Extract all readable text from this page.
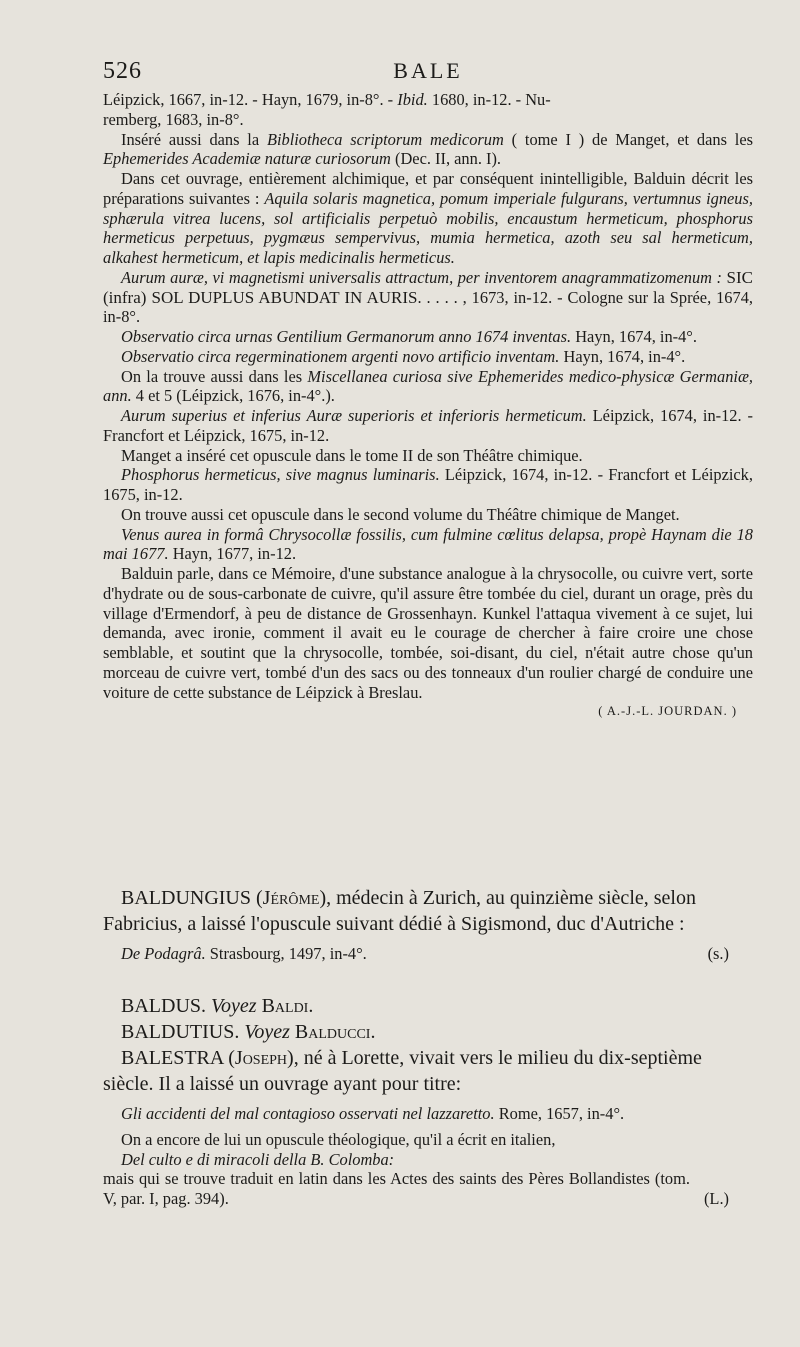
526	BALE

Léipzick, 1667, in-12. - Hayn, 1679, in-8°. - Ibid. 1680, in-12. - Nu-

remberg, 1683, in-8°.

Inséré aussi dans la Bibliotheca scriptorum medicorum ( tome I ) de Manget, et dans les Ephemerides Academiæ naturæ curiosorum (Dec. II, ann. I).

Dans cet ouvrage, entièrement alchimique, et par conséquent inintelligible, Balduin décrit les préparations suivantes : Aquila solaris magnetica, pomum imperiale fulgurans, vertumnus igneus, sphærula vitrea lucens, sol artificialis perpetuò mobilis, encaustum hermeticum, phosphorus hermeticus perpetuus, pygmæus sempervivus, mumia hermetica, azoth seu sal hermeticum, alkahest hermeticum, et lapis medicinalis hermeticus.

Aurum auræ, vi magnetismi universalis attractum, per inventorem anagrammatizomenum : SIC (infra) SOL DUPLUS ABUNDAT IN AURIS. . . . . , 1673, in-12. - Cologne sur la Sprée, 1674, in-8°.

Observatio circa urnas Gentilium Germanorum anno 1674 inventas. Hayn, 1674, in-4°.

Observatio circa regerminationem argenti novo artificio inventam. Hayn, 1674, in-4°.

On la trouve aussi dans les Miscellanea curiosa sive Ephemerides medico-physicæ Germaniæ, ann. 4 et 5 (Léipzick, 1676, in-4°.).

Aurum superius et inferius Auræ superioris et inferioris hermeticum. Léipzick, 1674, in-12. - Francfort et Léipzick, 1675, in-12.

Manget a inséré cet opuscule dans le tome II de son Théâtre chimique.

Phosphorus hermeticus, sive magnus luminaris. Léipzick, 1674, in-12. - Francfort et Léipzick, 1675, in-12.

On trouve aussi cet opuscule dans le second volume du Théâtre chimique de Manget.

Venus aurea in formâ Chrysocollæ fossilis, cum fulmine cœlitus delapsa, propè Haynam die 18 mai 1677. Hayn, 1677, in-12.

Balduin parle, dans ce Mémoire, d'une substance analogue à la chrysocolle, ou cuivre vert, sorte d'hydrate ou de sous-carbonate de cuivre, qu'il assure être tombée du ciel, durant un orage, près du village d'Ermendorf, à peu de distance de Grossenhayn. Kunkel l'attaqua vivement à ce sujet, lui demanda, avec ironie, comment il avait eu le courage de chercher à faire croire une chose semblable, et soutint que la chrysocolle, tombée, soi-disant, du ciel, n'était autre chose qu'un morceau de cuivre vert, tombé d'un des sacs ou des tonneaux d'un roulier chargé de conduire une voiture de cette substance de Léipzick à Breslau.

( A.-J.-L. JOURDAN. )

BALDUNGIUS (Jérôme), médecin à Zurich, au quinzième siècle, selon Fabricius, a laissé l'opuscule suivant dédié à Sigismond, duc d'Autriche :

De Podagrâ. Strasbourg, 1497, in-4°.	(s.)

BALDUS. Voyez Baldi.

BALDUTIUS. Voyez Balducci.

BALESTRA (Joseph), né à Lorette, vivait vers le milieu du dix-septième siècle. Il a laissé un ouvrage ayant pour titre:

Gli accidenti del mal contagioso osservati nel lazzaretto. Rome, 1657, in-4°.

On a encore de lui un opuscule théologique, qu'il a écrit en italien,

Del culto e di miracoli della B. Colomba:

mais qui se trouve traduit en latin dans les Actes des saints des Pères Bollandistes (tom. V, par. I, pag. 394).	(L.)
